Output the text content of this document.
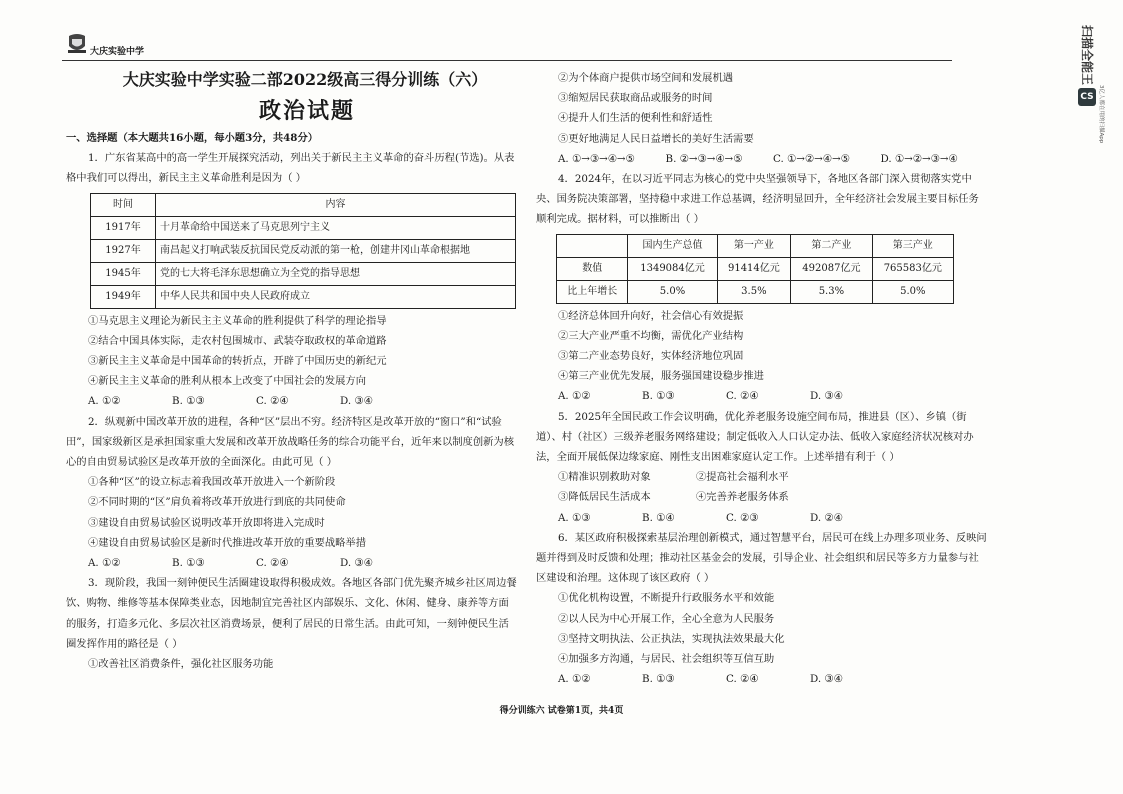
大庆实验中学
大庆实验中学实验二部2022级高三得分训练（六）
政治试题

一、选择题（本大题共16小题，每小题3分，共48分）

1．广东省某高中的高一学生开展探究活动，列出关于新民主主义革命的奋斗历程(节选)。从表格中我们可以得出，新民主主义革命胜利是因为（ ）

时间	内容
1917年	十月革命给中国送来了马克思列宁主义
1927年	南昌起义打响武装反抗国民党反动派的第一枪，创建井冈山革命根据地
1945年	党的七大将毛泽东思想确立为全党的指导思想
1949年	中华人民共和国中央人民政府成立

①马克思主义理论为新民主主义革命的胜利提供了科学的理论指导

②结合中国具体实际，走农村包围城市、武装夺取政权的革命道路

③新民主主义革命是中国革命的转折点，开辟了中国历史的新纪元

④新民主主义革命的胜利从根本上改变了中国社会的发展方向

A. ①②	B. ①③	C. ②④	D. ③④

2．纵观新中国改革开放的进程，各种“区”层出不穷。经济特区是改革开放的“窗口”和“试验田”，国家级新区是承担国家重大发展和改革开放战略任务的综合功能平台，近年来以制度创新为核心的自由贸易试验区是改革开放的全面深化。由此可见（ ）

①各种“区”的设立标志着我国改革开放进入一个新阶段

②不同时期的“区”肩负着将改革开放进行到底的共同使命

③建设自由贸易试验区说明改革开放即将进入完成时

④建设自由贸易试验区是新时代推进改革开放的重要战略举措

A. ①②	B. ①③	C. ②④	D. ③④

3．现阶段，我国一刻钟便民生活圈建设取得积极成效。各地区各部门优先聚齐城乡社区周边餐饮、购物、维修等基本保障类业态，因地制宜完善社区内部娱乐、文化、休闲、健身、康养等方面的服务，打造多元化、多层次社区消费场景，便利了居民的日常生活。由此可知，一刻钟便民生活圈发挥作用的路径是（ ）

①改善社区消费条件，强化社区服务功能

②为个体商户提供市场空间和发展机遇

③缩短居民获取商品或服务的时间

④提升人们生活的便利性和舒适性

⑤更好地满足人民日益增长的美好生活需要

A. ①→③→④→⑤	B. ②→③→④→⑤	C. ①→②→④→⑤	D. ①→②→③→④

4．2024年，在以习近平同志为核心的党中央坚强领导下，各地区各部门深入贯彻落实党中央、国务院决策部署，坚持稳中求进工作总基调，经济明显回升，全年经济社会发展主要目标任务顺利完成。据材料，可以推断出（ ）

	国内生产总值	第一产业	第二产业	第三产业
数值	1349084亿元	91414亿元	492087亿元	765583亿元
比上年增长	5.0%	3.5%	5.3%	5.0%

①经济总体回升向好，社会信心有效提振

②三大产业严重不均衡，需优化产业结构

③第二产业态势良好，实体经济地位巩固

④第三产业优先发展，服务强国建设稳步推进

A. ①②	B. ①③	C. ②④	D. ③④

5．2025年全国民政工作会议明确，优化养老服务设施空间布局，推进县（区）、乡镇（街道）、村（社区）三级养老服务网络建设；制定低收入人口认定办法、低收入家庭经济状况核对办法，全面开展低保边缘家庭、刚性支出困难家庭认定工作。上述举措有利于（ ）

①精准识别救助对象	②提高社会福利水平
③降低居民生活成本	④完善养老服务体系
A. ①③	B. ①④	C. ②③	D. ②④

6．某区政府积极探索基层治理创新模式，通过智慧平台，居民可在线上办理多项业务、反映问题并得到及时反馈和处理；推动社区基金会的发展，引导企业、社会组织和居民等多方力量参与社区建设和治理。这体现了该区政府（ ）

①优化机构设置，不断提升行政服务水平和效能

②以人民为中心开展工作，全心全意为人民服务

③坚持文明执法、公正执法，实现执法效果最大化

④加强多方沟通，与居民、社会组织等互信互助

A. ①②	B. ①③	C. ②④	D. ③④
得分训练六 试卷第1页，共4页
扫描全能王
CS 3亿人都在用的扫描App
